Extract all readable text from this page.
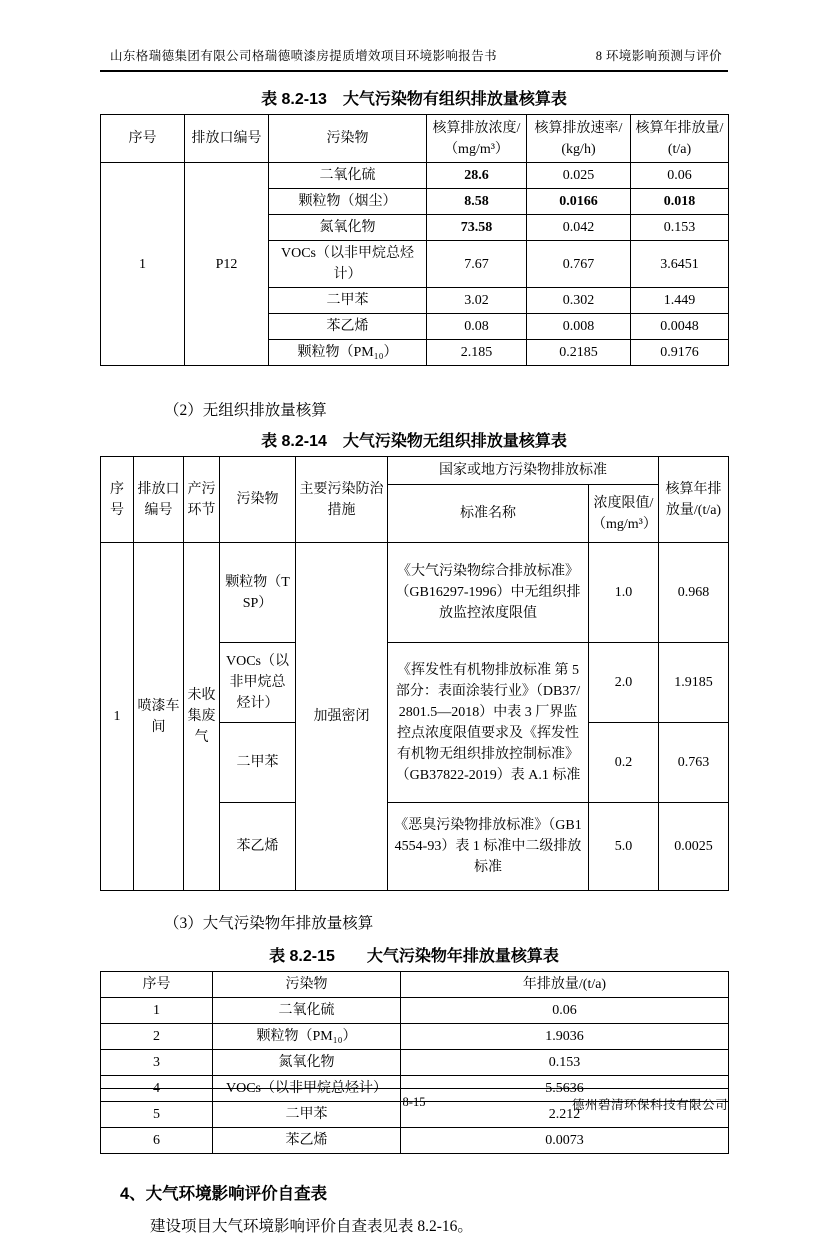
山东格瑞德集团有限公司格瑞德喷漆房提质增效项目环境影响报告书	8 环境影响预测与评价
表 8.2-13　大气污染物有组织排放量核算表
序号	排放口编号	污染物	核算排放浓度/（mg/m³）	核算排放速率/(kg/h)	核算年排放量/(t/a)
1	P12	二氧化硫	28.6	0.025	0.06
		颗粒物（烟尘）	8.58	0.0166	0.018
		氮氧化物	73.58	0.042	0.153
		VOCs（以非甲烷总烃计）	7.67	0.767	3.6451
		二甲苯	3.02	0.302	1.449
		苯乙烯	0.08	0.008	0.0048
		颗粒物（PM₁₀）	2.185	0.2185	0.9176
（2）无组织排放量核算
表 8.2-14　大气污染物无组织排放量核算表
序号	排放口编号	产污环节	污染物	主要污染防治措施	国家或地方污染物排放标准		核算年排放量/(t/a)
					标准名称	浓度限值/（mg/m³）	
1	喷漆车间	未收集废气	颗粒物（TSP）	加强密闭	《大气污染物综合排放标准》（GB16297-1996）中无组织排放监控浓度限值	1.0	0.968
			VOCs（以非甲烷总烃计）		《挥发性有机物排放标准 第 5 部分：表面涂装行业》（DB37/2801.5—2018）中表 3 厂界监控点浓度限值要求及《挥发性有机物无组织排放控制标准》（GB37822-2019）表 A.1 标准	2.0	1.9185
			二甲苯			0.2	0.763
			苯乙烯		《恶臭污染物排放标准》（GB14554-93）表 1 标准中二级排放标准	5.0	0.0025
（3）大气污染物年排放量核算
表 8.2-15　　大气污染物年排放量核算表
序号	污染物	年排放量/(t/a)
1	二氧化硫	0.06
2	颗粒物（PM₁₀）	1.9036
3	氮氧化物	0.153
4	VOCs（以非甲烷总烃计）	5.5636
5	二甲苯	2.212
6	苯乙烯	0.0073
4、大气环境影响评价自查表
建设项目大气环境影响评价自查表见表 8.2-16。
8-15	德州碧清环保科技有限公司
